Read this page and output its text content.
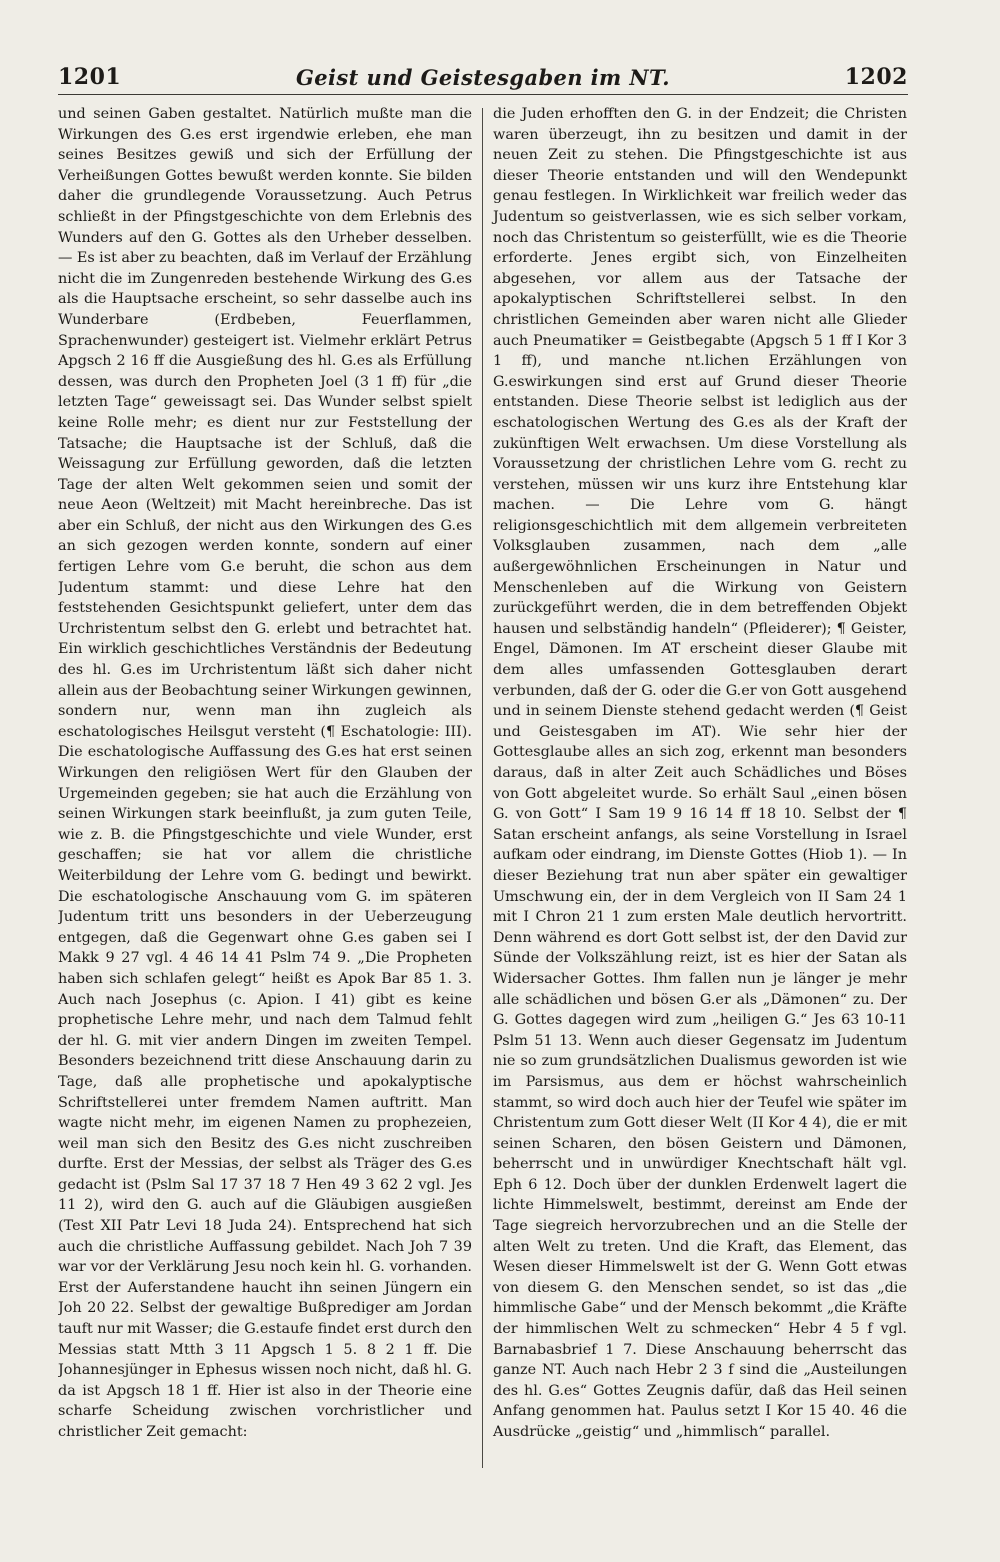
1201	Geist und Geistesgaben im NT.	1202

und seinen Gaben gestaltet. Natürlich mußte man die Wirkungen des G.es erst irgendwie erleben, ehe man seines Besitzes gewiß und sich der Erfüllung der Verheißungen Gottes bewußt werden konnte. Sie bilden daher die grundlegende Voraussetzung. Auch Petrus schließt in der Pfingstgeschichte von dem Erlebnis des Wunders auf den G. Gottes als den Urheber desselben. — Es ist aber zu beachten, daß im Verlauf der Erzählung nicht die im Zungenreden bestehende Wirkung des G.es als die Hauptsache erscheint, so sehr dasselbe auch ins Wunderbare (Erdbeben, Feuerflammen, Sprachenwunder) gesteigert ist. Vielmehr erklärt Petrus Apgsch 2 16 ff die Ausgießung des hl. G.es als Erfüllung dessen, was durch den Propheten Joel (3 1 ff) für „die letzten Tage“ geweissagt sei. Das Wunder selbst spielt keine Rolle mehr; es dient nur zur Feststellung der Tatsache; die Hauptsache ist der Schluß, daß die Weissagung zur Erfüllung geworden, daß die letzten Tage der alten Welt gekommen seien und somit der neue Aeon (Weltzeit) mit Macht hereinbreche. Das ist aber ein Schluß, der nicht aus den Wirkungen des G.es an sich gezogen werden konnte, sondern auf einer fertigen Lehre vom G.e beruht, die schon aus dem Judentum stammt: und diese Lehre hat den feststehenden Gesichtspunkt geliefert, unter dem das Urchristentum selbst den G. erlebt und betrachtet hat. Ein wirklich geschichtliches Verständnis der Bedeutung des hl. G.es im Urchristentum läßt sich daher nicht allein aus der Beobachtung seiner Wirkungen gewinnen, sondern nur, wenn man ihn zugleich als eschatologisches Heilsgut versteht (¶ Eschatologie: III). Die eschatologische Auffassung des G.es hat erst seinen Wirkungen den religiösen Wert für den Glauben der Urgemeinden gegeben; sie hat auch die Erzählung von seinen Wirkungen stark beeinflußt, ja zum guten Teile, wie z. B. die Pfingstgeschichte und viele Wunder, erst geschaffen; sie hat vor allem die christliche Weiterbildung der Lehre vom G. bedingt und bewirkt. Die eschatologische Anschauung vom G. im späteren Judentum tritt uns besonders in der Ueberzeugung entgegen, daß die Gegenwart ohne G.es gaben sei I Makk 9 27 vgl. 4 46 14 41 Pslm 74 9. „Die Propheten haben sich schlafen gelegt“ heißt es Apok Bar 85 1. 3. Auch nach Josephus (c. Apion. I 41) gibt es keine prophetische Lehre mehr, und nach dem Talmud fehlt der hl. G. mit vier andern Dingen im zweiten Tempel. Besonders bezeichnend tritt diese Anschauung darin zu Tage, daß alle prophetische und apokalyptische Schriftstellerei unter fremdem Namen auftritt. Man wagte nicht mehr, im eigenen Namen zu prophezeien, weil man sich den Besitz des G.es nicht zuschreiben durfte. Erst der Messias, der selbst als Träger des G.es gedacht ist (Pslm Sal 17 37 18 7 Hen 49 3 62 2 vgl. Jes 11 2), wird den G. auch auf die Gläubigen ausgießen (Test XII Patr Levi 18 Juda 24). Entsprechend hat sich auch die christliche Auffassung gebildet. Nach Joh 7 39 war vor der Verklärung Jesu noch kein hl. G. vorhanden. Erst der Auferstandene haucht ihn seinen Jüngern ein Joh 20 22. Selbst der gewaltige Bußprediger am Jordan tauft nur mit Wasser; die G.estaufe findet erst durch den Messias statt Mtth 3 11 Apgsch 1 5. 8 2 1 ff. Die Johannesjünger in Ephesus wissen noch nicht, daß hl. G. da ist Apgsch 18 1 ff. Hier ist also in der Theorie eine scharfe Scheidung zwischen vorchristlicher und christlicher Zeit gemacht:

die Juden erhofften den G. in der Endzeit; die Christen waren überzeugt, ihn zu besitzen und damit in der neuen Zeit zu stehen. Die Pfingstgeschichte ist aus dieser Theorie entstanden und will den Wendepunkt genau festlegen. In Wirklichkeit war freilich weder das Judentum so geistverlassen, wie es sich selber vorkam, noch das Christentum so geisterfüllt, wie es die Theorie erforderte. Jenes ergibt sich, von Einzelheiten abgesehen, vor allem aus der Tatsache der apokalyptischen Schriftstellerei selbst. In den christlichen Gemeinden aber waren nicht alle Glieder auch Pneumatiker = Geistbegabte (Apgsch 5 1 ff I Kor 3 1 ff), und manche nt.lichen Erzählungen von G.eswirkungen sind erst auf Grund dieser Theorie entstanden. Diese Theorie selbst ist lediglich aus der eschatologischen Wertung des G.es als der Kraft der zukünftigen Welt erwachsen. Um diese Vorstellung als Voraussetzung der christlichen Lehre vom G. recht zu verstehen, müssen wir uns kurz ihre Entstehung klar machen. — Die Lehre vom G. hängt religionsgeschichtlich mit dem allgemein verbreiteten Volksglauben zusammen, nach dem „alle außergewöhnlichen Erscheinungen in Natur und Menschenleben auf die Wirkung von Geistern zurückgeführt werden, die in dem betreffenden Objekt hausen und selbständig handeln“ (Pfleiderer); ¶ Geister, Engel, Dämonen. Im AT erscheint dieser Glaube mit dem alles umfassenden Gottesglauben derart verbunden, daß der G. oder die G.er von Gott ausgehend und in seinem Dienste stehend gedacht werden (¶ Geist und Geistesgaben im AT). Wie sehr hier der Gottesglaube alles an sich zog, erkennt man besonders daraus, daß in alter Zeit auch Schädliches und Böses von Gott abgeleitet wurde. So erhält Saul „einen bösen G. von Gott“ I Sam 19 9 16 14 ff 18 10. Selbst der ¶ Satan erscheint anfangs, als seine Vorstellung in Israel aufkam oder eindrang, im Dienste Gottes (Hiob 1). — In dieser Beziehung trat nun aber später ein gewaltiger Umschwung ein, der in dem Vergleich von II Sam 24 1 mit I Chron 21 1 zum ersten Male deutlich hervortritt. Denn während es dort Gott selbst ist, der den David zur Sünde der Volkszählung reizt, ist es hier der Satan als Widersacher Gottes. Ihm fallen nun je länger je mehr alle schädlichen und bösen G.er als „Dämonen“ zu. Der G. Gottes dagegen wird zum „heiligen G.“ Jes 63 10-11 Pslm 51 13. Wenn auch dieser Gegensatz im Judentum nie so zum grundsätzlichen Dualismus geworden ist wie im Parsismus, aus dem er höchst wahrscheinlich stammt, so wird doch auch hier der Teufel wie später im Christentum zum Gott dieser Welt (II Kor 4 4), die er mit seinen Scharen, den bösen Geistern und Dämonen, beherrscht und in unwürdiger Knechtschaft hält vgl. Eph 6 12. Doch über der dunklen Erdenwelt lagert die lichte Himmelswelt, bestimmt, dereinst am Ende der Tage siegreich hervorzubrechen und an die Stelle der alten Welt zu treten. Und die Kraft, das Element, das Wesen dieser Himmelswelt ist der G. Wenn Gott etwas von diesem G. den Menschen sendet, so ist das „die himmlische Gabe“ und der Mensch bekommt „die Kräfte der himmlischen Welt zu schmecken“ Hebr 4 5 f vgl. Barnabasbrief 1 7. Diese Anschauung beherrscht das ganze NT. Auch nach Hebr 2 3 f sind die „Austeilungen des hl. G.es“ Gottes Zeugnis dafür, daß das Heil seinen Anfang genommen hat. Paulus setzt I Kor 15 40. 46 die Ausdrücke „geistig“ und „himmlisch“ parallel.
